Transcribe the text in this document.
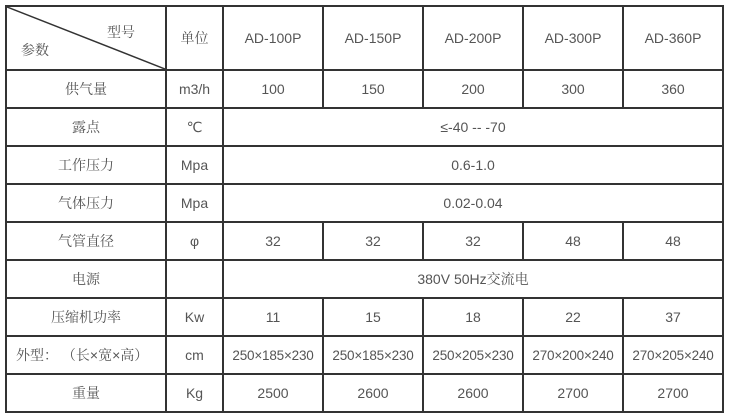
型号
参数	单位	AD-100P	AD-150P	AD-200P	AD-300P	AD-360P
供气量	m3/h	100	150	200	300	360
露点	℃	≤-40 -- -70				
工作压力	Mpa	0.6-1.0				
气体压力	Mpa	0.02-0.04				
气管直径	φ	32	32	32	48	48
电源		380V 50Hz交流电				
压缩机功率	Kw	11	15	18	22	37
外型： （长×宽×高）	cm	250×185×230	250×185×230	250×205×230	270×200×240	270×205×240
重量	Kg	2500	2600	2600	2700	2700
